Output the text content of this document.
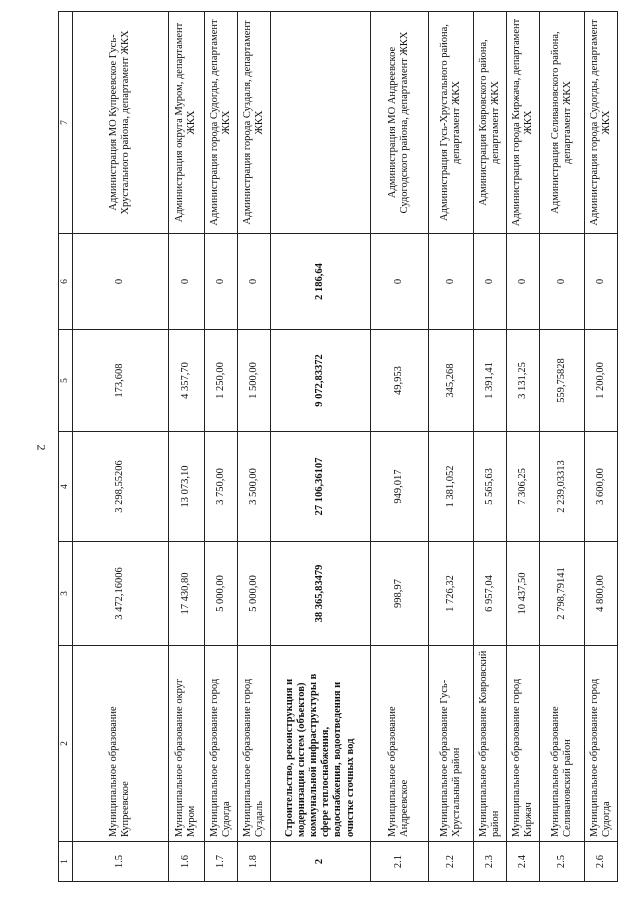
2
1	2	3	4	5	6	7
1.5	Муниципальное образование Купреевское	3 472,16006	3 298,55206	173,608	0	Администрация МО Купреевское Гусь-Хрустального района, департамент ЖКХ
1.6	Муниципальное образование округ Муром	17 430,80	13 073,10	4 357,70	0	Администрация округа Муром, департамент ЖКХ
1.7	Муниципальное образование город Судогда	5 000,00	3 750,00	1 250,00	0	Администрация города Судогды, департамент ЖКХ
1.8	Муниципальное образование город Суздаль	5 000,00	3 500,00	1 500,00	0	Администрация города Суздаля, департамент ЖКХ
2	Строительство, реконструкция и модернизация систем (объектов) коммунальной инфраструктуры в сфере теплоснабжения, водоснабжения, водоотведения и очистке сточных вод	38 365,83479	27 106,36107	9 072,83372	2 186,64	
2.1	Муниципальное образование Андреевское	998,97	949,017	49,953	0	Администрация МО Андреевское Судогодского района, департамент ЖКХ
2.2	Муниципальное образование Гусь-Хрустальный район	1 726,32	1 381,052	345,268	0	Администрация Гусь-Хрустального района, департамент ЖКХ
2.3	Муниципальное образование Ковровский район	6 957,04	5 565,63	1 391,41	0	Администрация Ковровского района, департамент ЖКХ
2.4	Муниципальное образование город Киржач	10 437,50	7 306,25	3 131,25	0	Администрация города Киржача, департамент ЖКХ
2.5	Муниципальное образование Селивановский район	2 798,79141	2 239,03313	559,75828	0	Администрация Селивановского района, департамент ЖКХ
2.6	Муниципальное образование город Судогда	4 800,00	3 600,00	1 200,00	0	Администрация города Судогды, департамент ЖКХ
